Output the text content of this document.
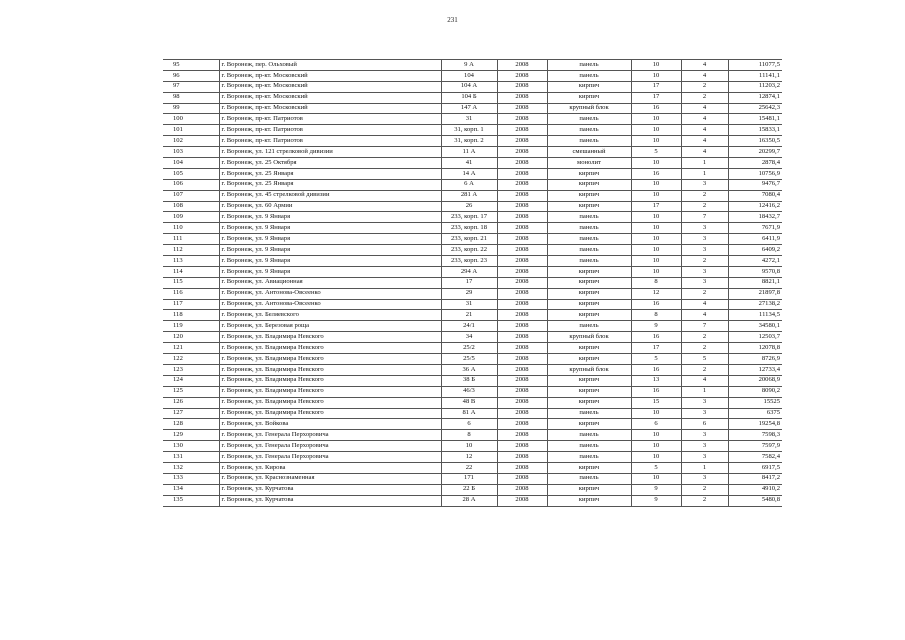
231
95	г. Воронеж, пер. Ольховый	9 А	2008	панель	10	4	11077,5
96	г. Воронеж, пр-кт. Московский	104	2008	панель	10	4	11141,1
97	г. Воронеж, пр-кт. Московский	104 А	2008	кирпич	17	2	11203,2
98	г. Воронеж, пр-кт. Московский	104 Б	2008	кирпич	17	2	12874,1
99	г. Воронеж, пр-кт. Московский	147 А	2008	крупный блок	16	4	25642,3
100	г. Воронеж, пр-кт. Патриотов	31	2008	панель	10	4	15481,1
101	г. Воронеж, пр-кт. Патриотов	31, корп. 1	2008	панель	10	4	15833,1
102	г. Воронеж, пр-кт. Патриотов	31, корп. 2	2008	панель	10	4	16350,5
103	г. Воронеж, ул. 121 стрелковой дивизии	11 А	2008	смешанный	5	4	20299,7
104	г. Воронеж, ул. 25 Октября	41	2008	монолит	10	1	2878,4
105	г. Воронеж, ул. 25 Января	14 А	2008	кирпич	16	1	10756,9
106	г. Воронеж, ул. 25 Января	6 А	2008	кирпич	10	3	9476,7
107	г. Воронеж, ул. 45 стрелковой дивизии	281 А	2008	кирпич	10	2	7080,4
108	г. Воронеж, ул. 60 Армии	26	2008	кирпич	17	2	12416,2
109	г. Воронеж, ул. 9 Января	233, корп. 17	2008	панель	10	7	18432,7
110	г. Воронеж, ул. 9 Января	233, корп. 18	2008	панель	10	3	7671,9
111	г. Воронеж, ул. 9 Января	233, корп. 21	2008	панель	10	3	6411,9
112	г. Воронеж, ул. 9 Января	233, корп. 22	2008	панель	10	3	6409,2
113	г. Воронеж, ул. 9 Января	233, корп. 23	2008	панель	10	2	4272,1
114	г. Воронеж, ул. 9 Января	294 А	2008	кирпич	10	3	9570,8
115	г. Воронеж, ул. Авиационная	17	2008	кирпич	8	3	8821,1
116	г. Воронеж, ул. Антонова-Овсеенко	29	2008	кирпич	12	2	21897,8
117	г. Воронеж, ул. Антонова-Овсеенко	31	2008	кирпич	16	4	27138,2
118	г. Воронеж, ул. Беляевского	21	2008	кирпич	8	4	11134,5
119	г. Воронеж, ул. Березовая роща	24/1	2008	панель	9	7	34580,1
120	г. Воронеж, ул. Владимира Невского	34	2008	крупный блок	16	2	12503,7
121	г. Воронеж, ул. Владимира Невского	25/2	2008	кирпич	17	2	12078,8
122	г. Воронеж, ул. Владимира Невского	25/5	2008	кирпич	5	5	8726,9
123	г. Воронеж, ул. Владимира Невского	36 А	2008	крупный блок	16	2	12733,4
124	г. Воронеж, ул. Владимира Невского	38 Б	2008	кирпич	13	4	20068,9
125	г. Воронеж, ул. Владимира Невского	46/3	2008	кирпич	16	1	8090,2
126	г. Воронеж, ул. Владимира Невского	48 В	2008	кирпич	15	3	15525
127	г. Воронеж, ул. Владимира Невского	81 А	2008	панель	10	3	6375
128	г. Воронеж, ул. Войкова	6	2008	кирпич	6	6	19254,8
129	г. Воронеж, ул. Генерала Перхоровича	8	2008	панель	10	3	7598,3
130	г. Воронеж, ул. Генерала Перхоровича	10	2008	панель	10	3	7597,9
131	г. Воронеж, ул. Генерала Перхоровича	12	2008	панель	10	3	7582,4
132	г. Воронеж, ул. Кирова	22	2008	кирпич	5	1	6917,5
133	г. Воронеж, ул. Краснознаменная	171	2008	панель	10	3	8417,2
134	г. Воронеж, ул. Курчатова	22 Б	2008	кирпич	9	2	4910,2
135	г. Воронеж, ул. Курчатова	28 А	2008	кирпич	9	2	5480,8
